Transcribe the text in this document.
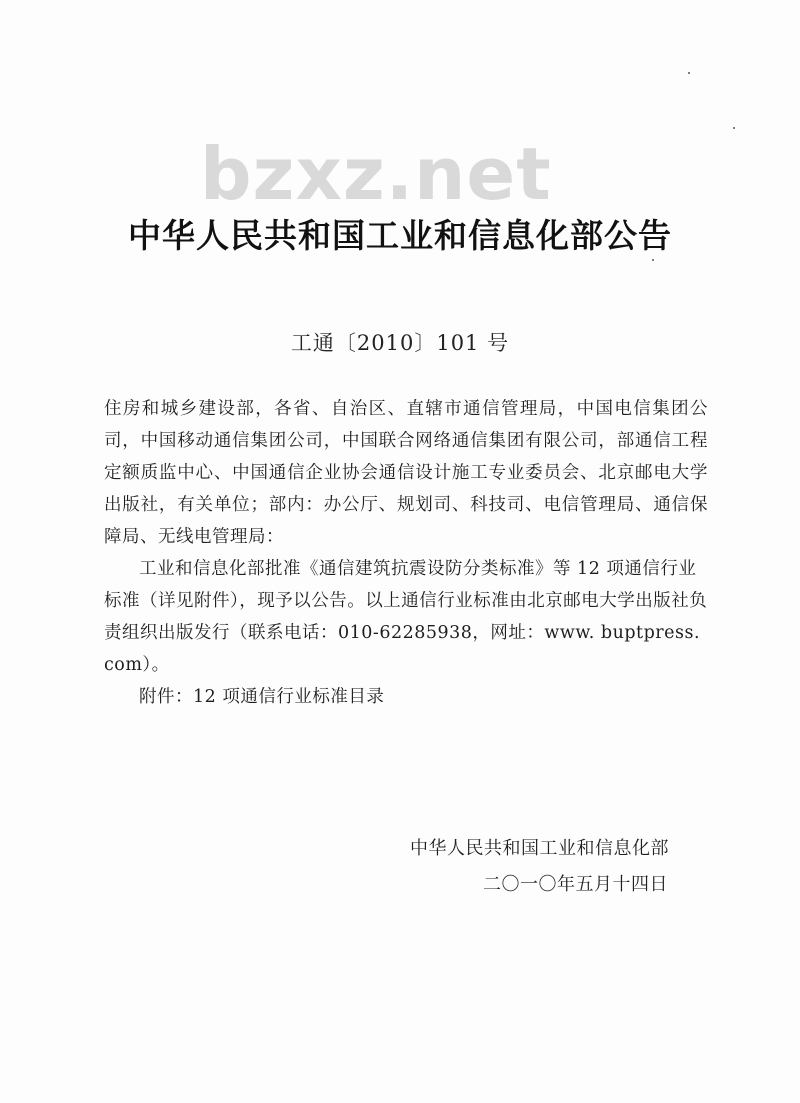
bzxz.net
中华人民共和国工业和信息化部公告
工通〔2010〕101 号

住房和城乡建设部，各省、自治区、直辖市通信管理局，中国电信集团公司，中国移动通信集团公司，中国联合网络通信集团有限公司，部通信工程定额质监中心、中国通信企业协会通信设计施工专业委员会、北京邮电大学出版社，有关单位；部内：办公厅、规划司、科技司、电信管理局、通信保障局、无线电管理局：

工业和信息化部批准《通信建筑抗震设防分类标准》等 12 项通信行业标准（详见附件），现予以公告。以上通信行业标准由北京邮电大学出版社负责组织出版发行（联系电话：010-62285938，网址：www. buptpress. com）。

附件：12 项通信行业标准目录

中华人民共和国工业和信息化部
二〇一〇年五月十四日
